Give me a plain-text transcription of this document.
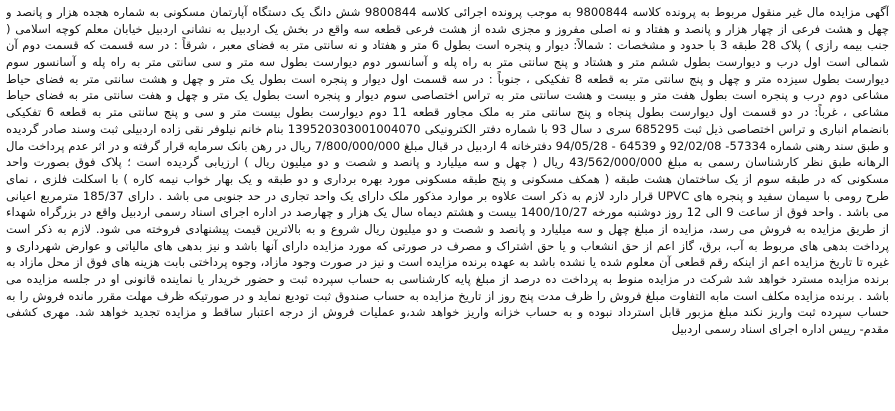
آگهی مزایده مال غیر منقول مربوط به پرونده کلاسه 9800844 به موجب پرونده اجرائی کلاسه 9800844 شش دانگ یک دستگاه آپارتمان مسکونی به شماره هجده هزار و پانصد و
چهل و هشت فرعی از چهار هزار و پانصد و هفتاد و نه اصلی مفروز و مجزی شده از هشت فرعی قطعه سه واقع در بخش یک اردبیل به نشانی اردبیل خیابان معلم کوچه اسلامی (
جنب بیمه رازی ) پلاک 28 طبقه 3 با حدود و مشخصات : شمالاً: دیوار و پنجره است بطول 6 متر و هفتاد و نه سانتی متر به فضای معبر ، شرقاً : در سه قسمت که قسمت دوم آن
شمالی است اول درب و دیوارست بطول ششم متر و هشتاد و پنج سانتی متر به راه پله و آسانسور دوم دیوارست بطول سه متر و سی سانتی متر به راه پله و آسانسور سوم
دیوارست بطول سیزده متر و چهل و پنج سانتی متر به قطعه 8 تفکیکی ، جنوباً : در سه قسمت اول دیوار و پنجره است بطول یک متر و چهل و هشت سانتی متر به فضای حیاط
مشاعی دوم درب و پنجره است بطول هفت متر و بیست و هشت سانتی متر به تراس اختصاصی سوم دیوار و پنجره است بطول یک متر و چهل و هفت سانتی متر به فضای حیاط
مشاعی ، غرباً: در دو قسمت اول دیوارست بطول پنجاه و پنج سانتی متر به ملک مجاور قطعه 11 دوم دیوارست بطول بیست متر و سی و پنج سانتی متر به قطعه 6 تفکیکی
بانضمام انباری و تراس اختصاصی ذیل ثبت 685295 سری د سال 93 با شماره دفتر الکترونیکی 139520303001004070 بنام خانم نیلوفر نقی زاده اردبیلی ثبت وسند صادر گردیده
و طبق سند رهنی شماره 57334- 92/02/08 و 64539 - 94/05/28 دفترخانه 4 اردبیل در قبال مبلغ 7/800/000/000 ریال در رهن بانک سرمایه قرار گرفته و در اثر عدم پرداخت مال
الرهانه طبق نظر کارشناسان رسمی به مبلغ 43/562/000/000 ریال ( چهل و سه میلیارد و پانصد و شصت و دو میلیون ریال ) ارزیابی گردیده است ؛ پلاک فوق بصورت واحد
مسکونی که در طبقه سوم از یک ساختمان هشت طبقه ( همکف مسکونی و پنج طبقه مسکونی مورد بهره برداری و دو طبقه و یک بهار خواب نیمه کاره ) با اسکلت فلزی ، نمای
طرح رومی با سیمان سفید و پنجره های UPVC قرار دارد لازم به ذکر است علاوه بر موارد مذکور ملک دارای یک واحد تجاری در حد جنوبی می باشد . دارای 185/37 مترمربع اعیانی
می باشد . واحد فوق از ساعت 9 الی 12 روز دوشنبه مورخه 1400/10/27 بیست و هشتم دیماه سال یک هزار و چهارصد در اداره اجرای اسناد رسمی اردبیل واقع در بزرگراه شهداء
از طریق مزایده به فروش می رسد، مزایده از مبلغ چهل و سه میلیارد و پانصد و شصت و دو میلیون ریال شروع و به بالاترین قیمت پیشنهادی فروخته می شود. لازم به ذکر است
پرداخت بدهی های مربوط به آب، برق، گاز اعم از حق انشعاب و یا حق اشتراک و مصرف در صورتی که مورد مزایده دارای آنها باشد و نیز بدهی های مالیاتی و عوارض شهرداری و
غیره تا تاریخ مزایده اعم از اینکه رقم قطعی آن معلوم شده یا نشده باشد به عهده برنده مزایده است و نیز در صورت وجود مازاد، وجوه پرداختی بابت هزینه های فوق از محل مازاد به
برنده مزایده مسترد خواهد شد شرکت در مزایده منوط به پرداخت ده درصد از مبلغ پایه کارشناسی به حساب سپرده ثبت و حضور خریدار یا نماینده قانونی او در جلسه مزایده می
باشد . برنده مزایده مکلف است مابه التفاوت مبلغ فروش را ظرف مدت پنج روز از تاریخ مزایده به حساب صندوق ثبت تودیع نماید و در صورتیکه ظرف مهلت مقرر مانده فروش را به
حساب سپرده ثبت واریز نکند مبلغ مزبور قابل استرداد نبوده و به حساب خزانه واریز خواهد شد،و عملیات فروش از درجه اعتبار ساقط و مزایده تجدید خواهد شد. مهری کشفی
مقدم- رییس اداره اجرای اسناد رسمی اردبیل
